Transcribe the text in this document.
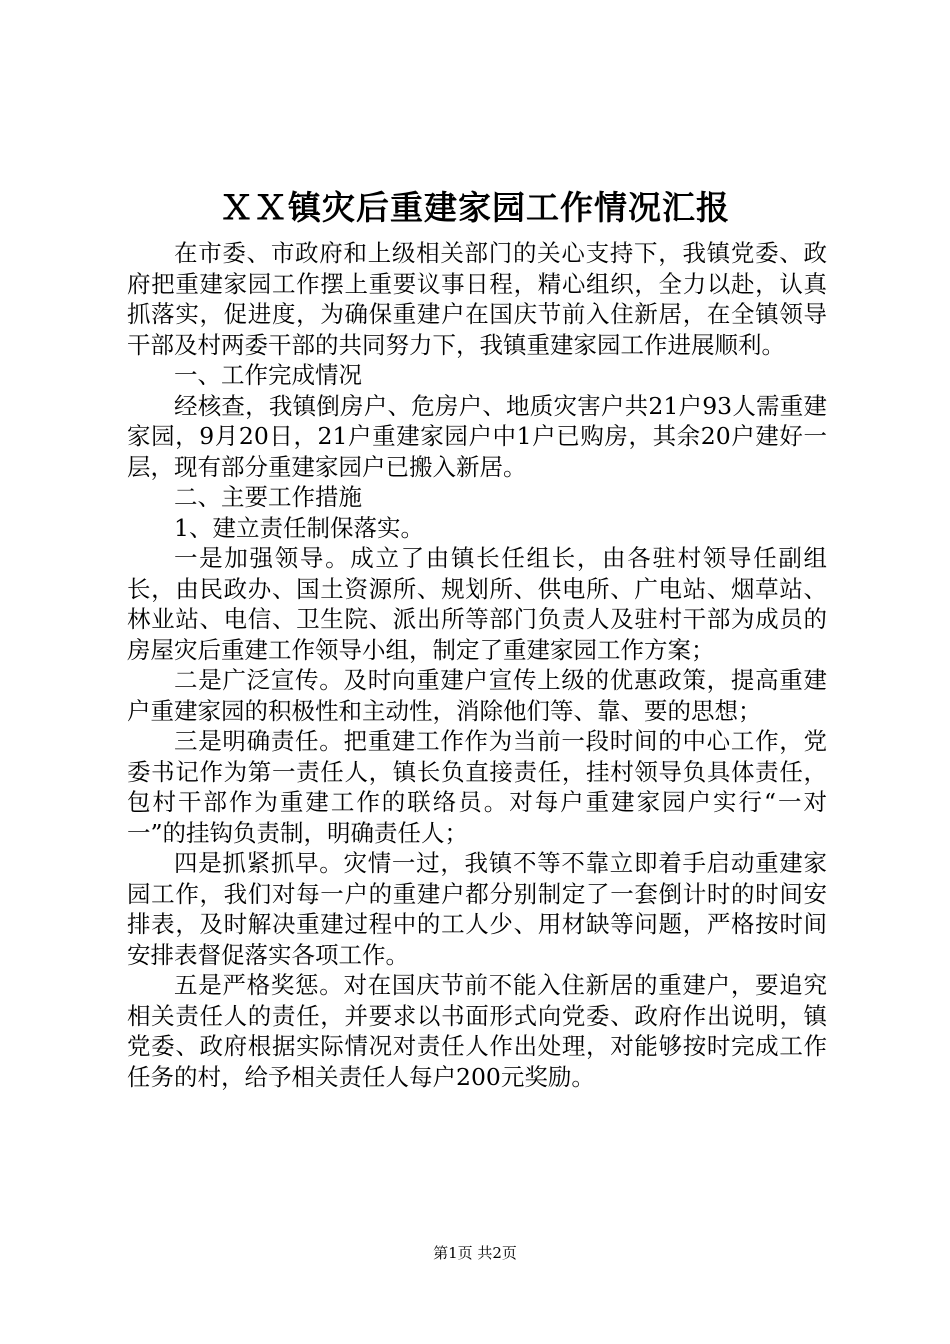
ＸＸ镇灾后重建家园工作情况汇报

在市委、市政府和上级相关部门的关心支持下，我镇党委、政府把重建家园工作摆上重要议事日程，精心组织，全力以赴，认真抓落实，促进度，为确保重建户在国庆节前入住新居，在全镇领导干部及村两委干部的共同努力下，我镇重建家园工作进展顺利。

一、工作完成情况

经核查，我镇倒房户、危房户、地质灾害户共21户93人需重建家园，9月20日，21户重建家园户中1户已购房，其余20户建好一层，现有部分重建家园户已搬入新居。

二、主要工作措施

1、建立责任制保落实。

一是加强领导。成立了由镇长任组长，由各驻村领导任副组长，由民政办、国土资源所、规划所、供电所、广电站、烟草站、林业站、电信、卫生院、派出所等部门负责人及驻村干部为成员的房屋灾后重建工作领导小组，制定了重建家园工作方案；

二是广泛宣传。及时向重建户宣传上级的优惠政策，提高重建户重建家园的积极性和主动性，消除他们等、靠、要的思想；

三是明确责任。把重建工作作为当前一段时间的中心工作，党委书记作为第一责任人，镇长负直接责任，挂村领导负具体责任，包村干部作为重建工作的联络员。对每户重建家园户实行“一对一”的挂钩负责制，明确责任人；

四是抓紧抓早。灾情一过，我镇不等不靠立即着手启动重建家园工作，我们对每一户的重建户都分别制定了一套倒计时的时间安排表，及时解决重建过程中的工人少、用材缺等问题，严格按时间安排表督促落实各项工作。

五是严格奖惩。对在国庆节前不能入住新居的重建户，要追究相关责任人的责任，并要求以书面形式向党委、政府作出说明，镇党委、政府根据实际情况对责任人作出处理，对能够按时完成工作任务的村，给予相关责任人每户200元奖励。

第1页 共2页
